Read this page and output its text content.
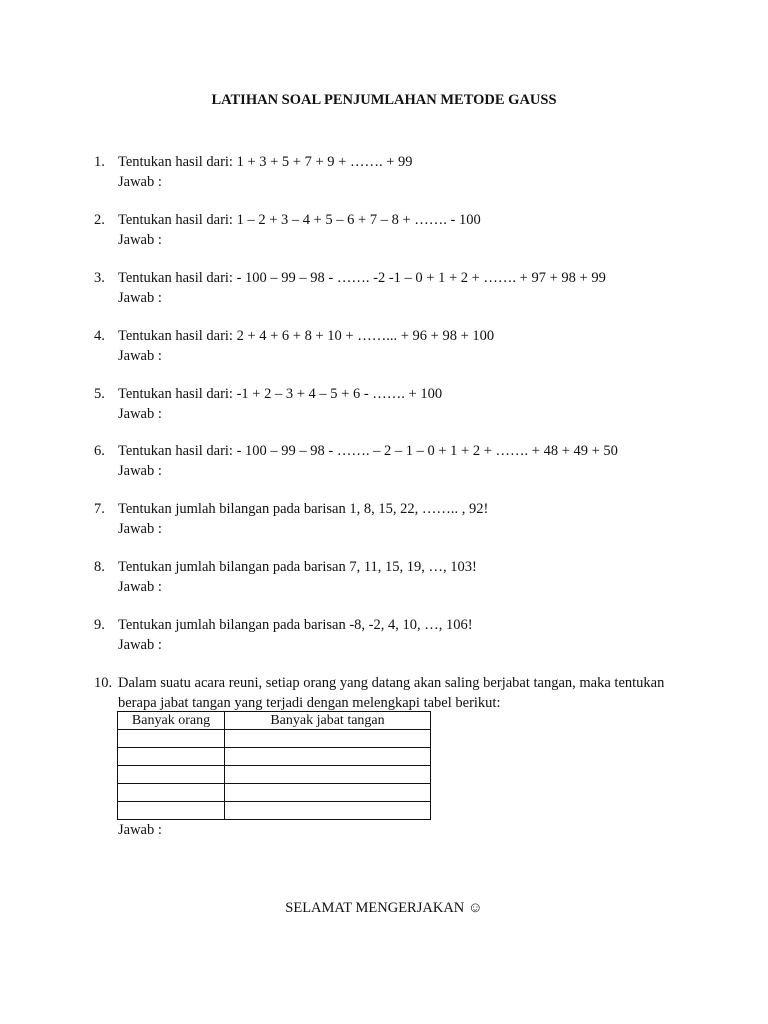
LATIHAN SOAL PENJUMLAHAN METODE GAUSS
1. Tentukan hasil dari: 1 + 3 + 5 + 7 + 9 + ……. + 99
Jawab :
2. Tentukan hasil dari: 1 – 2 + 3 – 4 + 5 – 6 + 7 – 8 + ……. - 100
Jawab :
3. Tentukan hasil dari: - 100 – 99 – 98 - ……. -2 -1 – 0 + 1 + 2 + ……. + 97 + 98 + 99
Jawab :
4. Tentukan hasil dari: 2 + 4 + 6 + 8 + 10 + ……... + 96 + 98 + 100
Jawab :
5. Tentukan hasil dari: -1 + 2 – 3 + 4 – 5 + 6 - ……. + 100
Jawab :
6. Tentukan hasil dari: - 100 – 99 – 98 - ……. – 2 – 1 – 0 + 1 + 2 + ……. + 48 + 49 + 50
Jawab :
7. Tentukan jumlah bilangan pada barisan 1, 8, 15, 22, …….. , 92!
Jawab :
8. Tentukan jumlah bilangan pada barisan 7, 11, 15, 19, …, 103!
Jawab :
9. Tentukan jumlah bilangan pada barisan -8, -2, 4, 10, …, 106!
Jawab :
10. Dalam suatu acara reuni, setiap orang yang datang akan saling berjabat tangan, maka tentukan
berapa jabat tangan yang terjadi dengan melengkapi tabel berikut:
Banyak orang	Banyak jabat tangan

Jawab :
SELAMAT MENGERJAKAN ☺
